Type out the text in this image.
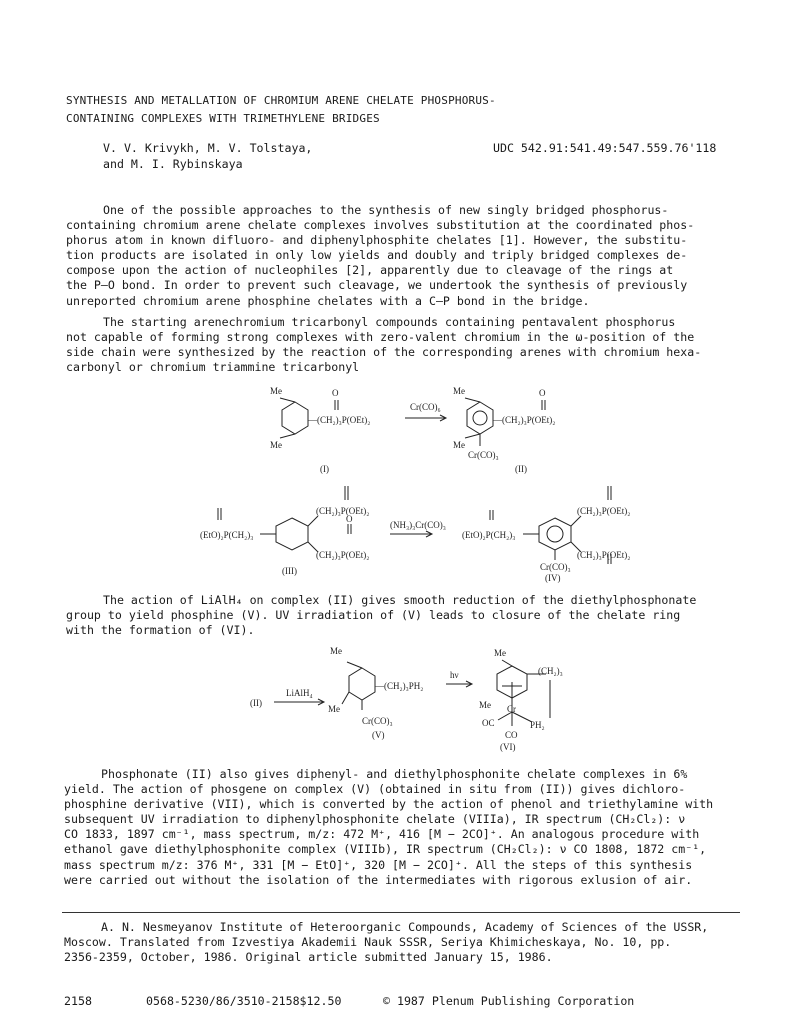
SYNTHESIS AND METALLATION OF CHROMIUM ARENE CHELATE PHOSPHORUS-
CONTAINING COMPLEXES WITH TRIMETHYLENE BRIDGES
V. V. Krivykh, M. V. Tolstaya,
and M. I. Rybinskaya
UDC 542.91:541.49:547.559.76'118
One of the possible approaches to the synthesis of new singly bridged phosphorus-
containing chromium arene chelate complexes involves substitution at the coordinated phos-
phorus atom in known difluoro- and diphenylphosphite chelates [1]. However, the substitu-
tion products are isolated in only low yields and doubly and triply bridged complexes de-
compose upon the action of nucleophiles [2], apparently due to cleavage of the rings at
the P—O bond. In order to prevent such cleavage, we undertook the synthesis of previously
unreported chromium arene phosphine chelates with a C—P bond in the bridge.
The starting arenechromium tricarbonyl compounds containing pentavalent phosphorus
not capable of forming strong complexes with zero-valent chromium in the ω-position of the
side chain were synthesized by the reaction of the corresponding arenes with chromium hexa-
carbonyl or chromium triammine tricarbonyl
Me
Me
O
—(CH₂)₃P(OEt)₂
Cr(CO)₆
Me
Me
O
—(CH₂)₃P(OEt)₂
Cr(CO)₃
(I)	(II)
(EtO)₂P(CH₂)₃
(CH₂)₃P(OEt)₂
(CH₂)₃P(OEt)₂
O
(NH₃)₃Cr(CO)₃
(EtO)₂P(CH₂)₃
(CH₂)₃P(OEt)₂
(CH₂)₃P(OEt)₂
Cr(CO)₃
(III)
(IV)
The action of LiAlH₄ on complex (II) gives smooth reduction of the diethylphosphonate
group to yield phosphine (V). UV irradiation of (V) leads to closure of the chelate ring
with the formation of (VI).
(II)
LiAlH₄
Me
Me
—(CH₂)₃PH₂
hν
Cr(CO)₃
(V)
Me
Me
(CH₂)₃
Cr
OC
CO
PH₂
(VI)
Phosphonate (II) also gives diphenyl- and diethylphosphonite chelate complexes in 6%
yield. The action of phosgene on complex (V) (obtained in situ from (II)) gives dichloro-
phosphine derivative (VII), which is converted by the action of phenol and triethylamine with
subsequent UV irradiation to diphenylphosphonite chelate (VIIIa), IR spectrum (CH₂Cl₂): ν
CO 1833, 1897 cm⁻¹, mass spectrum, m/z: 472 M⁺, 416 [M − 2CO]⁺. An analogous procedure with
ethanol gave diethylphosphonite complex (VIIIb), IR spectrum (CH₂Cl₂): ν CO 1808, 1872 cm⁻¹,
mass spectrum m/z: 376 M⁺, 331 [M − EtO]⁺, 320 [M − 2CO]⁺. All the steps of this synthesis
were carried out without the isolation of the intermediates with rigorous exlusion of air.
A. N. Nesmeyanov Institute of Heteroorganic Compounds, Academy of Sciences of the USSR,
Moscow. Translated from Izvestiya Akademii Nauk SSSR, Seriya Khimicheskaya, No. 10, pp.
2356-2359, October, 1986. Original article submitted January 15, 1986.
2158	0568-5230/86/3510-2158$12.50	© 1987 Plenum Publishing Corporation
